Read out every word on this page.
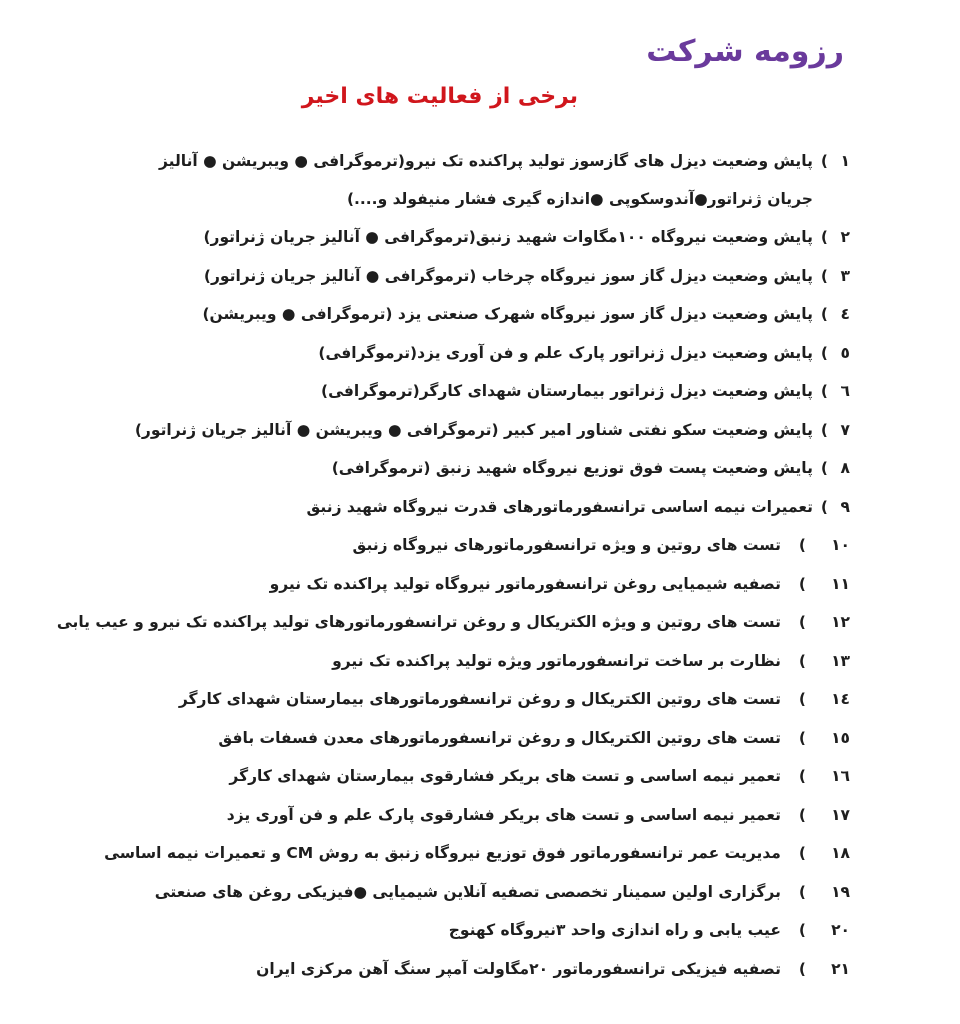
رزومه شرکت
برخی از فعالیت های اخیر
۱
)
پایش وضعیت دیزل های گازسوز تولید پراکنده تک نیرو(ترموگرافی ● ویبریشن ● آنالیز جریان ژنراتور●آندوسکوپی ●اندازه گیری فشار منیفولد و....)
۲
)
پایش وضعیت نیروگاه ۱۰۰مگاوات شهید زنبق(ترموگرافی ● آنالیز جریان ژنراتور)
۳
)
پایش وضعیت دیزل گاز سوز نیروگاه چرخاب (ترموگرافی ● آنالیز جریان ژنراتور)
٤
)
پایش وضعیت دیزل گاز سوز نیروگاه شهرک صنعتی یزد (ترموگرافی ● ویبریشن)
٥
)
پایش وضعیت دیزل ژنراتور پارک علم و فن آوری یزد(ترموگرافی)
٦
)
پایش وضعیت دیزل ژنراتور بیمارستان شهدای کارگر(ترموگرافی)
۷
)
پایش وضعیت سکو نفتی شناور امیر کبیر (ترموگرافی ● ویبریشن ● آنالیز جریان ژنراتور)
۸
)
پایش وضعیت پست فوق توزیع نیروگاه شهید زنبق (ترموگرافی)
۹
)
تعمیرات نیمه اساسی ترانسفورماتورهای قدرت نیروگاه شهید زنبق
۱۰
)
تست های روتین و ویژه ترانسفورماتورهای نیروگاه زنبق
۱۱
)
تصفیه شیمیایی روغن ترانسفورماتور نیروگاه تولید پراکنده تک نیرو
۱۲
)
تست های روتین و ویژه الکتریکال و روغن ترانسفورماتورهای تولید پراکنده تک نیرو و عیب یابی
۱۳
)
نظارت بر ساخت ترانسفورماتور ویژه تولید پراکنده تک نیرو
۱٤
)
تست های روتین الکتریکال و روغن ترانسفورماتورهای بیمارستان شهدای کارگر
۱٥
)
تست های روتین الکتریکال و روغن ترانسفورماتورهای معدن فسفات بافق
۱٦
)
تعمیر نیمه اساسی و تست های بریکر فشارقوی بیمارستان شهدای کارگر
۱۷
)
تعمیر نیمه اساسی و تست های بریکر فشارقوی پارک علم و فن آوری یزد
۱۸
)
مدیریت عمر ترانسفورماتور فوق توزیع نیروگاه زنبق به روش CM و تعمیرات نیمه اساسی
۱۹
)
برگزاری اولین سمینار تخصصی تصفیه آنلاین شیمیایی ●فیزیکی روغن های صنعتی
۲۰
)
عیب یابی و راه اندازی واحد ۳نیروگاه کهنوج
۲۱
)
تصفیه فیزیکی ترانسفورماتور ۲۰مگاولت آمپر سنگ آهن مرکزی ایران
